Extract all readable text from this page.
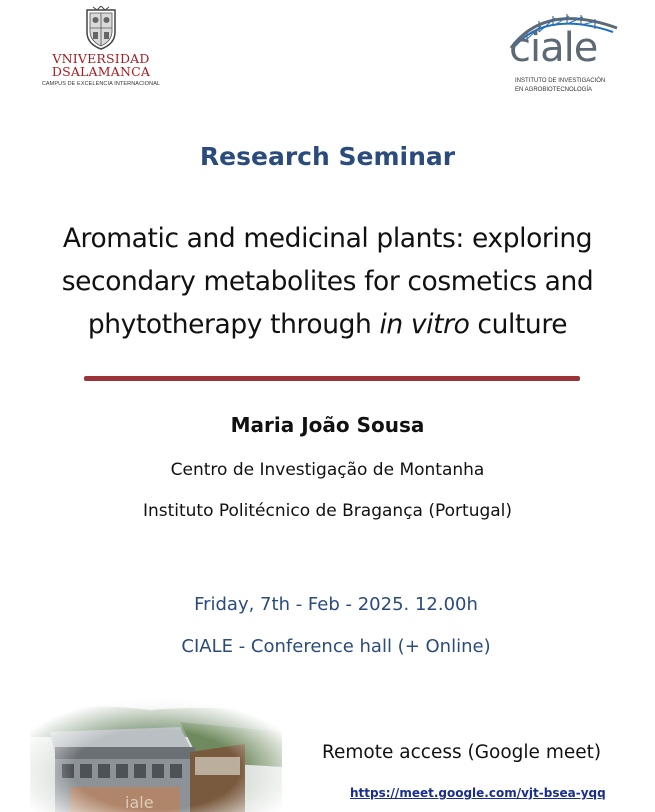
VNIVERSIDAD DSALAMANCA
CAMPUS DE EXCELENCIA INTERNACIONAL
ciale
INSTITUTO DE INVESTIGACIÓN
EN AGROBIOTECNOLOGÍA
Research Seminar
Aromatic and medicinal plants: exploring
secondary metabolites for cosmetics and
phytotherapy through in vitro culture
Maria João Sousa
Centro de Investigação de Montanha
Instituto Politécnico de Bragança (Portugal)
Friday, 7th - Feb - 2025. 12.00h
CIALE - Conference hall (+ Online)
Remote access (Google meet)
https://meet.google.com/vjt-bsea-yqq
